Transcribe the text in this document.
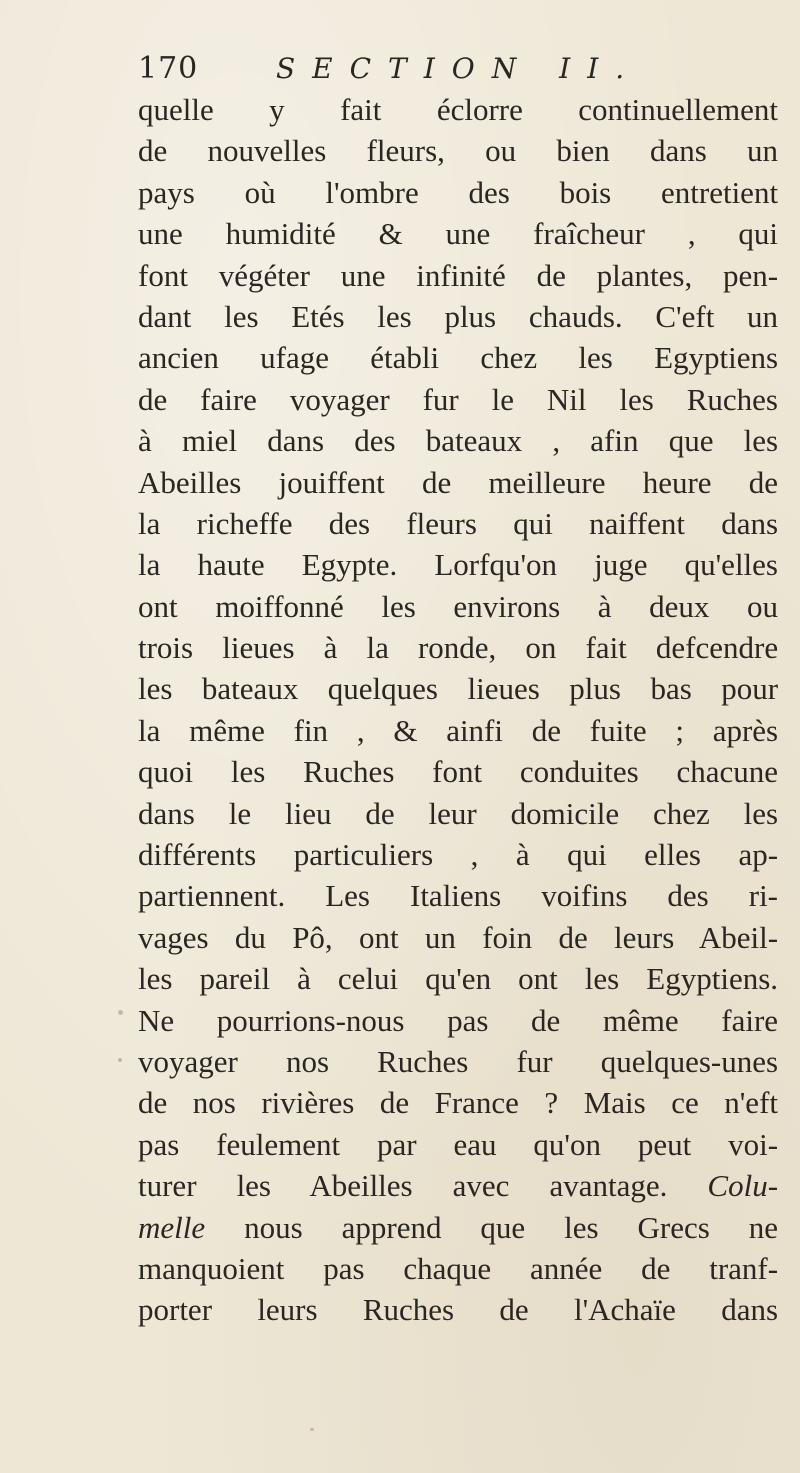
170	SECTION II.
quelle y fait éclorre continuellement
de nouvelles fleurs, ou bien dans un
pays où l'ombre des bois entretient
une humidité & une fraîcheur , qui
font végéter une infinité de plantes, pen-
dant les Etés les plus chauds. C'eft un
ancien ufage établi chez les Egyptiens
de faire voyager fur le Nil les Ruches
à miel dans des bateaux , afin que les
Abeilles jouiffent de meilleure heure de
la richeffe des fleurs qui naiffent dans
la haute Egypte. Lorfqu'on juge qu'elles
ont moiffonné les environs à deux ou
trois lieues à la ronde, on fait defcendre
les bateaux quelques lieues plus bas pour
la même fin , & ainfi de fuite ; après
quoi les Ruches font conduites chacune
dans le lieu de leur domicile chez les
différents particuliers , à qui elles ap-
partiennent. Les Italiens voifins des ri-
vages du Pô, ont un foin de leurs Abeil-
les pareil à celui qu'en ont les Egyptiens.
Ne pourrions-nous pas de même faire
voyager nos Ruches fur quelques-unes
de nos rivières de France ? Mais ce n'eft
pas feulement par eau qu'on peut voi-
turer les Abeilles avec avantage. Colu-
melle nous apprend que les Grecs ne
manquoient pas chaque année de tranf-
porter leurs Ruches de l'Achaïe dans
